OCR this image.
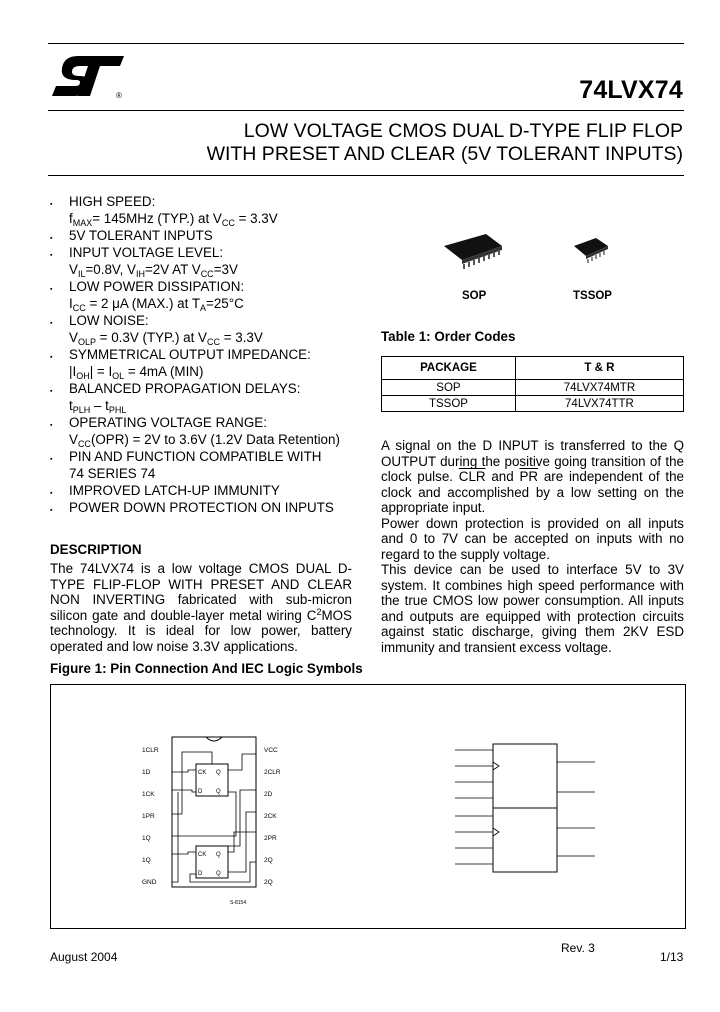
®	74LVX74
LOW VOLTAGE CMOS DUAL D-TYPE FLIP FLOP
WITH PRESET AND CLEAR (5V TOLERANT INPUTS)
▪ HIGH SPEED:
$f_{MAX}= 145MHz$ (TYP.) at $V_{CC} = 3.3V$
▪ 5V TOLERANT INPUTS
▪ INPUT VOLTAGE LEVEL:
$V_{IL}=0.8V$, $V_{IH}=2V$ AT $V_{CC}=3V$
▪ LOW POWER DISSIPATION:
$I_{CC} = 2$ μA (MAX.) at $T_A=25^\circ C$
▪ LOW NOISE:
$V_{OLP} = 0.3V$ (TYP.) at $V_{CC} = 3.3V$
▪ SYMMETRICAL OUTPUT IMPEDANCE:
$|I_{OH}| = I_{OL} = 4mA$ (MIN)
▪ BALANCED PROPAGATION DELAYS:
$t_{PLH} - t_{PHL}$
▪ OPERATING VOLTAGE RANGE:
$V_{CC}(OPR) = 2V$ to 3.6V (1.2V Data Retention)
▪ PIN AND FUNCTION COMPATIBLE WITH
74 SERIES 74
▪ IMPROVED LATCH-UP IMMUNITY
▪ POWER DOWN PROTECTION ON INPUTS
SOP	TSSOP
Table 1: Order Codes
PACKAGE	T & R
SOP	74LVX74MTR
TSSOP	74LVX74TTR
DESCRIPTION
The 74LVX74 is a low voltage CMOS DUAL D-TYPE FLIP-FLOP WITH PRESET AND CLEAR NON INVERTING fabricated with sub-micron silicon gate and double-layer metal wiring $C^2MOS$ technology. It is ideal for low power, battery operated and low noise 3.3V applications.
A signal on the D INPUT is transferred to the Q OUTPUT during the positive going transition of the clock pulse. $\overline{CLR}$ and $\overline{PR}$ are independent of the clock and accomplished by a low setting on the appropriate input.
Power down protection is provided on all inputs and 0 to 7V can be accepted on inputs with no regard to the supply voltage.
This device can be used to interface 5V to 3V system. It combines high speed performance with the true CMOS low power consumption. All inputs and outputs are equipped with protection circuits against static discharge, giving them 2KV ESD immunity and transient excess voltage.
Figure 1: Pin Connection And IEC Logic Symbols
CK Q
D Q
CK Q
D Q
1CLR
1D
1CK
1PR
1Q
1Q
GND
VCC
2CLR
2D
2CK
2PR
2Q
2Q
S-8154
August 2004
Rev. 3
1/13
